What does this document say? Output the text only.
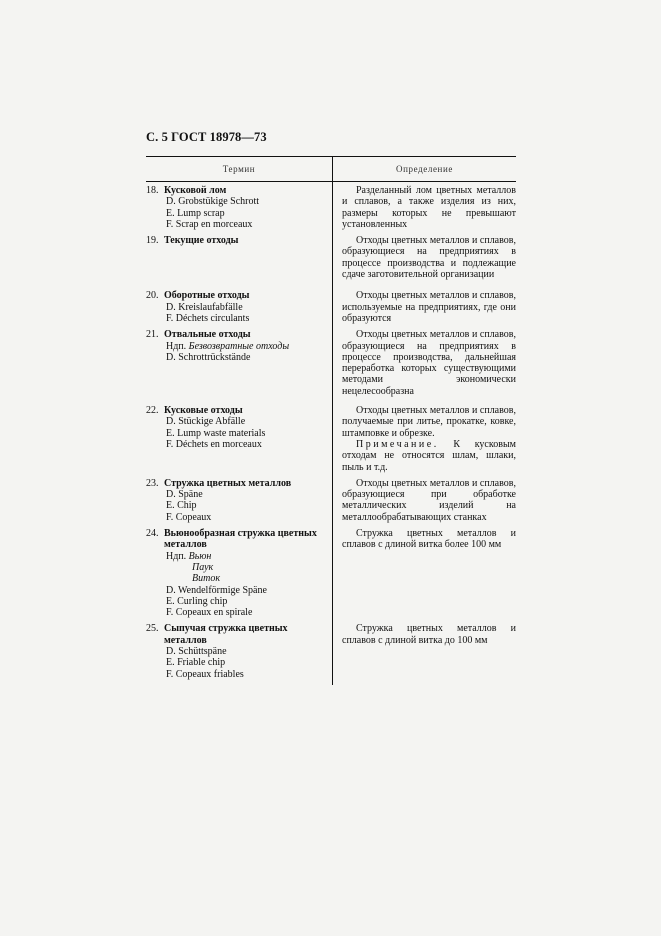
С. 5 ГОСТ 18978—73
Термин	Определение
18. Кусковой лом
D. Grobstükige Schrott
E. Lump scrap
F. Scrap en morceaux

Разделанный лом цветных металлов и сплавов, а также изделия из них, размеры которых не превышают установленных

19. Текущие отходы	Отходы цветных металлов и сплавов, образующиеся на предприятиях в процессе производства и подлежащие сдаче заготовительной организации

20. Оборотные отходы
D. Kreislaufabfälle
F. Déchets circulants

Отходы цветных металлов и сплавов, используемые на предприятиях, где они образуются

21. Отвальные отходы
Ндп. Безвозвратные отходы
D. Schrottrückstände

Отходы цветных металлов и сплавов, образующиеся на предприятиях в процессе производства, дальнейшая переработка которых существующими методами экономически нецелесообразна

22. Кусковые отходы
D. Stückige Abfälle
E. Lump waste materials
F. Déchets en morceaux

Отходы цветных металлов и сплавов, получаемые при литье, прокатке, ковке, штамповке и обрезке.

Примечание. К кусковым отходам не относятся шлам, шлаки, пыль и т.д.

23. Стружка цветных металлов
D. Späne
E. Chip
F. Copeaux

Отходы цветных металлов и сплавов, образующиеся при обработке металлических изделий на металлообрабатывающих станках

24. Вьюнообразная стружка цветных металлов
Ндп. Вьюн
Паук
Виток
D. Wendelförmige Späne
E. Curling chip
F. Copeaux en spirale

Стружка цветных металлов и сплавов с длиной витка более 100 мм

25. Сыпучая стружка цветных металлов
D. Schüttspäne
E. Friable chip
F. Copeaux friables

Стружка цветных металлов и сплавов с длиной витка до 100 мм
